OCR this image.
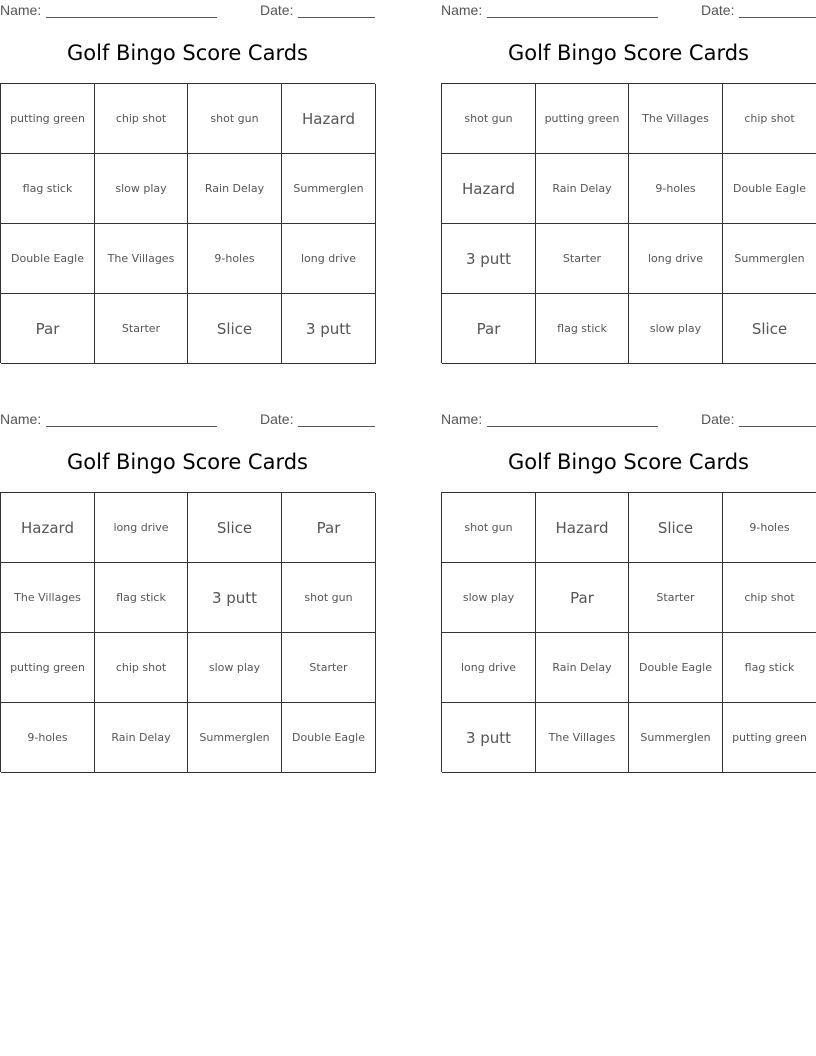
Name:	Date:
Golf Bingo Score Cards
putting green	chip shot	shot gun	Hazard
flag stick	slow play	Rain Delay	Summerglen
Double Eagle	The Villages	9-holes	long drive
Par	Starter	Slice	3 putt
Name:	Date:
Golf Bingo Score Cards
shot gun	putting green	The Villages	chip shot
Hazard	Rain Delay	9-holes	Double Eagle
3 putt	Starter	long drive	Summerglen
Par	flag stick	slow play	Slice
Name:	Date:
Golf Bingo Score Cards
Hazard	long drive	Slice	Par
The Villages	flag stick	3 putt	shot gun
putting green	chip shot	slow play	Starter
9-holes	Rain Delay	Summerglen	Double Eagle
Name:	Date:
Golf Bingo Score Cards
shot gun	Hazard	Slice	9-holes
slow play	Par	Starter	chip shot
long drive	Rain Delay	Double Eagle	flag stick
3 putt	The Villages	Summerglen	putting green
